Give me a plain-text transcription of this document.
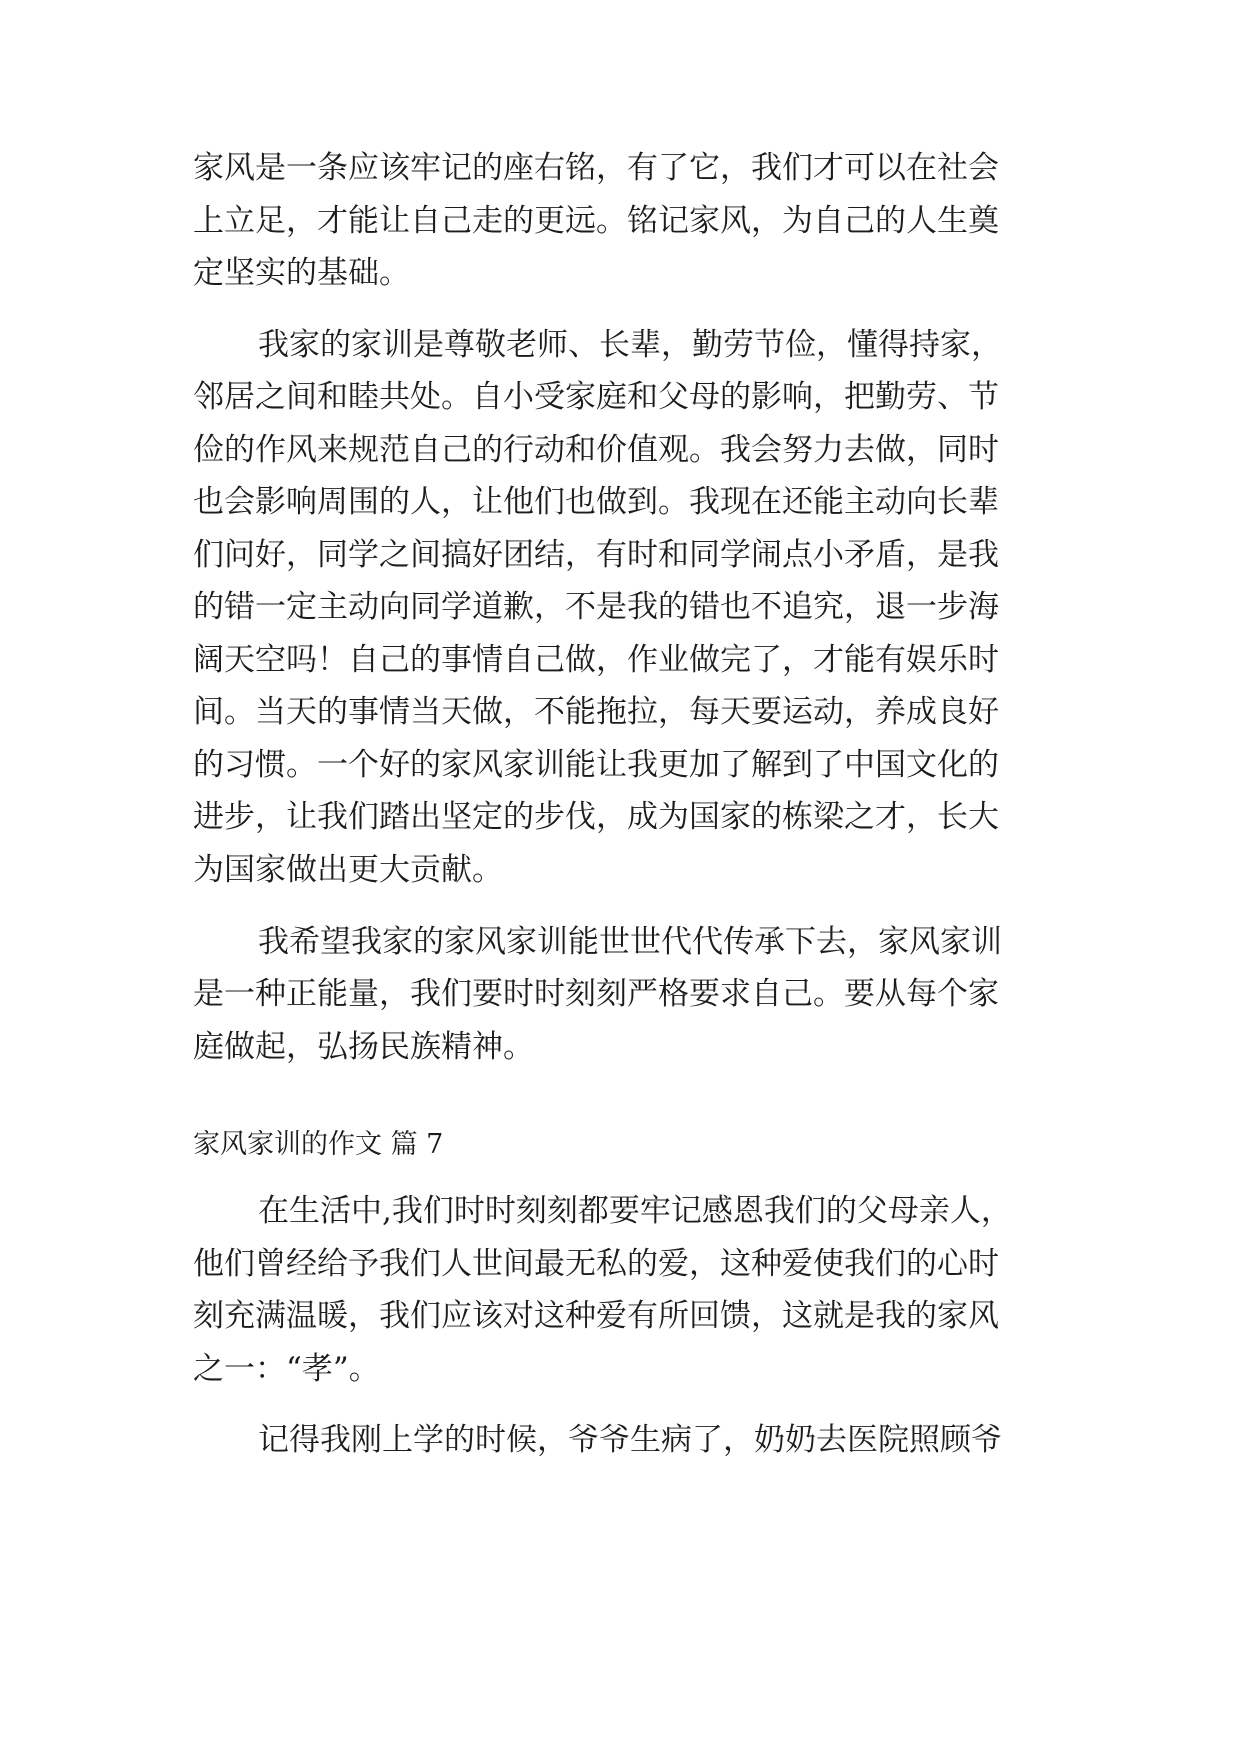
家风是一条应该牢记的座右铭，有了它，我们才可以在社会
上立足，才能让自己走的更远。铭记家风，为自己的人生奠
定坚实的基础。
我家的家训是尊敬老师、长辈，勤劳节俭，懂得持家，
邻居之间和睦共处。自小受家庭和父母的影响，把勤劳、节
俭的作风来规范自己的行动和价值观。我会努力去做，同时
也会影响周围的人，让他们也做到。我现在还能主动向长辈
们问好，同学之间搞好团结，有时和同学闹点小矛盾，是我
的错一定主动向同学道歉，不是我的错也不追究，退一步海
阔天空吗！自己的事情自己做，作业做完了，才能有娱乐时
间。当天的事情当天做，不能拖拉，每天要运动，养成良好
的习惯。一个好的家风家训能让我更加了解到了中国文化的
进步，让我们踏出坚定的步伐，成为国家的栋梁之才，长大
为国家做出更大贡献。
我希望我家的家风家训能世世代代传承下去，家风家训
是一种正能量，我们要时时刻刻严格要求自己。要从每个家
庭做起，弘扬民族精神。
家风家训的作文 篇 7
在生活中,我们时时刻刻都要牢记感恩我们的父母亲人，
他们曾经给予我们人世间最无私的爱，这种爱使我们的心时
刻充满温暖，我们应该对这种爱有所回馈，这就是我的家风
之一：“孝”。
记得我刚上学的时候，爷爷生病了，奶奶去医院照顾爷
